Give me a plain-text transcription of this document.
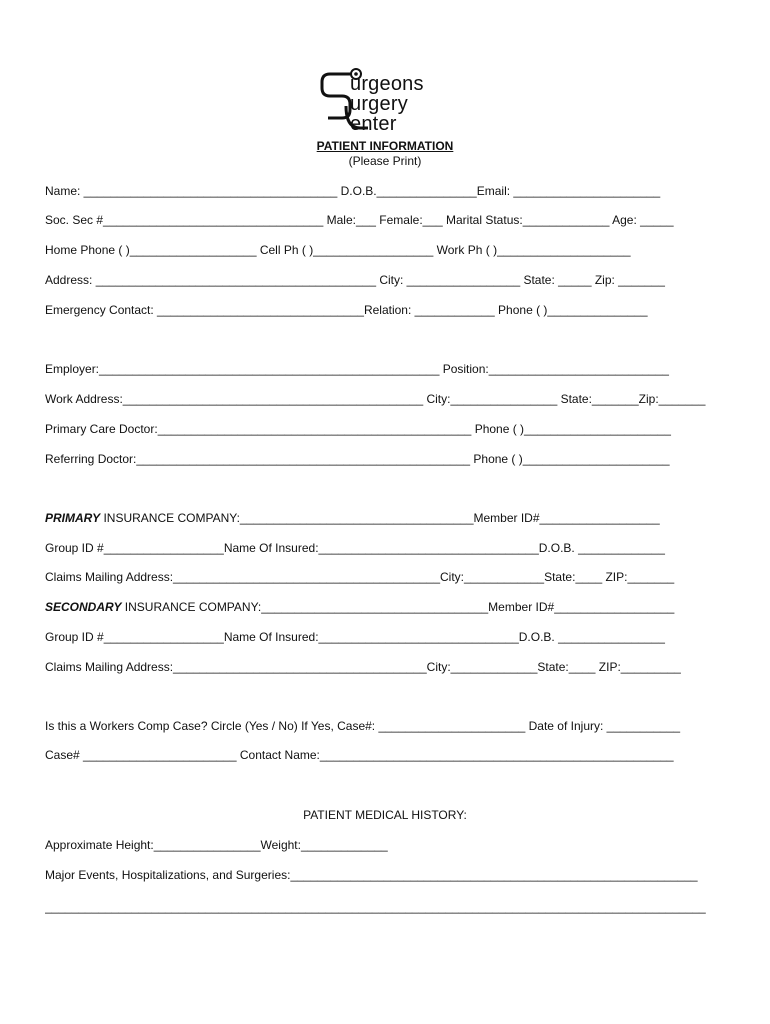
urgeons
urgery
enter
PATIENT INFORMATION
(Please Print)
Name: ______________________________________ D.O.B._______________Email: ______________________
Soc. Sec #_________________________________ Male:___ Female:___ Marital Status:_____________ Age: _____
Home Phone ( )___________________ Cell Ph ( )__________________ Work Ph ( )____________________
Address: __________________________________________ City: _________________ State: _____ Zip: _______
Emergency Contact: _______________________________Relation: ____________ Phone ( )_______________
Employer:___________________________________________________ Position:___________________________
Work Address:_____________________________________________ City:________________ State:_______Zip:_______
Primary Care Doctor:_______________________________________________ Phone ( )______________________
Referring Doctor:__________________________________________________ Phone ( )______________________
PRIMARY INSURANCE COMPANY:___________________________________Member ID#__________________
Group ID #__________________Name Of Insured:_________________________________D.O.B. _____________
Claims Mailing Address:________________________________________City:____________State:____ ZIP:_______
SECONDARY INSURANCE COMPANY:__________________________________Member ID#__________________
Group ID #__________________Name Of Insured:______________________________D.O.B. ________________
Claims Mailing Address:______________________________________City:_____________State:____ ZIP:_________
Is this a Workers Comp Case? Circle (Yes / No) If Yes, Case#: ______________________ Date of Injury: ___________
Case# _______________________ Contact Name:_____________________________________________________
PATIENT MEDICAL HISTORY:
Approximate Height:________________Weight:_____________
Major Events, Hospitalizations, and Surgeries:_____________________________________________________________
___________________________________________________________________________________________________
